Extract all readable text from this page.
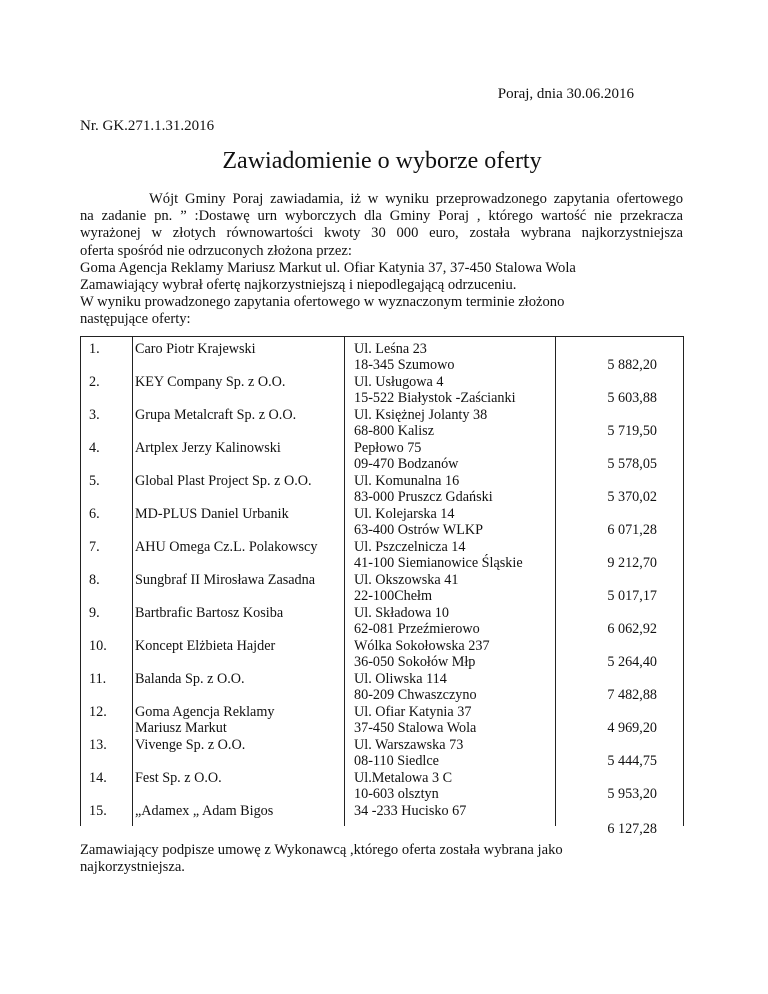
Poraj, dnia 30.06.2016
Nr. GK.271.1.31.2016
Zawiadomienie o wyborze oferty
Wójt Gminy Poraj zawiadamia, iż w wyniku przeprowadzonego zapytania ofertowego
na zadanie pn. ” :Dostawę urn wyborczych dla Gminy Poraj , którego wartość nie przekracza
wyrażonej w złotych równowartości kwoty 30 000 euro, została wybrana najkorzystniejsza
oferta spośród nie odrzuconych złożona przez:
Goma Agencja Reklamy Mariusz Markut ul. Ofiar Katynia 37, 37-450 Stalowa Wola
Zamawiający wybrał ofertę najkorzystniejszą i niepodlegającą odrzuceniu.
W wyniku prowadzonego zapytania ofertowego w wyznaczonym terminie złożono
następujące oferty:
1. Caro Piotr Krajewski
2. KEY Company Sp. z O.O.
3. Grupa Metalcraft Sp. z O.O.
4. Artplex Jerzy Kalinowski
5. Global Plast Project Sp. z O.O.
6. MD-PLUS Daniel Urbanik
7. AHU Omega Cz.L. Polakowscy
8. Sungbraf II Mirosława Zasadna
9. Bartbrafic Bartosz Kosiba
10. Koncept Elżbieta Hajder
11. Balanda Sp. z O.O.
12. Goma Agencja Reklamy
13. Vivenge Sp. z O.O.
14. Fest Sp. z O.O.
15. „Adamex „ Adam Bigos
Mariusz Markut
Ul. Leśna 23
18-345 Szumowo
Ul. Usługowa 4
15-522 Białystok -Zaścianki
Ul. Księżnej Jolanty 38
68-800 Kalisz
Pepłowo 75
09-470 Bodzanów
Ul. Komunalna 16
83-000 Pruszcz Gdański
Ul. Kolejarska 14
63-400 Ostrów WLKP
Ul. Pszczelnicza 14
41-100 Siemianowice Śląskie
Ul. Okszowska 41
22-100Chełm
Ul. Składowa 10
62-081 Przeźmierowo
Wólka Sokołowska 237
36-050 Sokołów Młp
Ul. Oliwska 114
80-209 Chwaszczyno
Ul. Ofiar Katynia 37
37-450 Stalowa Wola
Ul. Warszawska 73
08-110 Siedlce
Ul.Metalowa 3 C
10-603 olsztyn
34 -233 Hucisko 67
5 882,20
5 603,88
5 719,50
5 578,05
5 370,02
6 071,28
9 212,70
5 017,17
6 062,92
5 264,40
7 482,88
4 969,20
5 444,75
5 953,20
6 127,28
Zamawiający podpisze umowę z Wykonawcą ,którego oferta została wybrana jako
najkorzystniejsza.
